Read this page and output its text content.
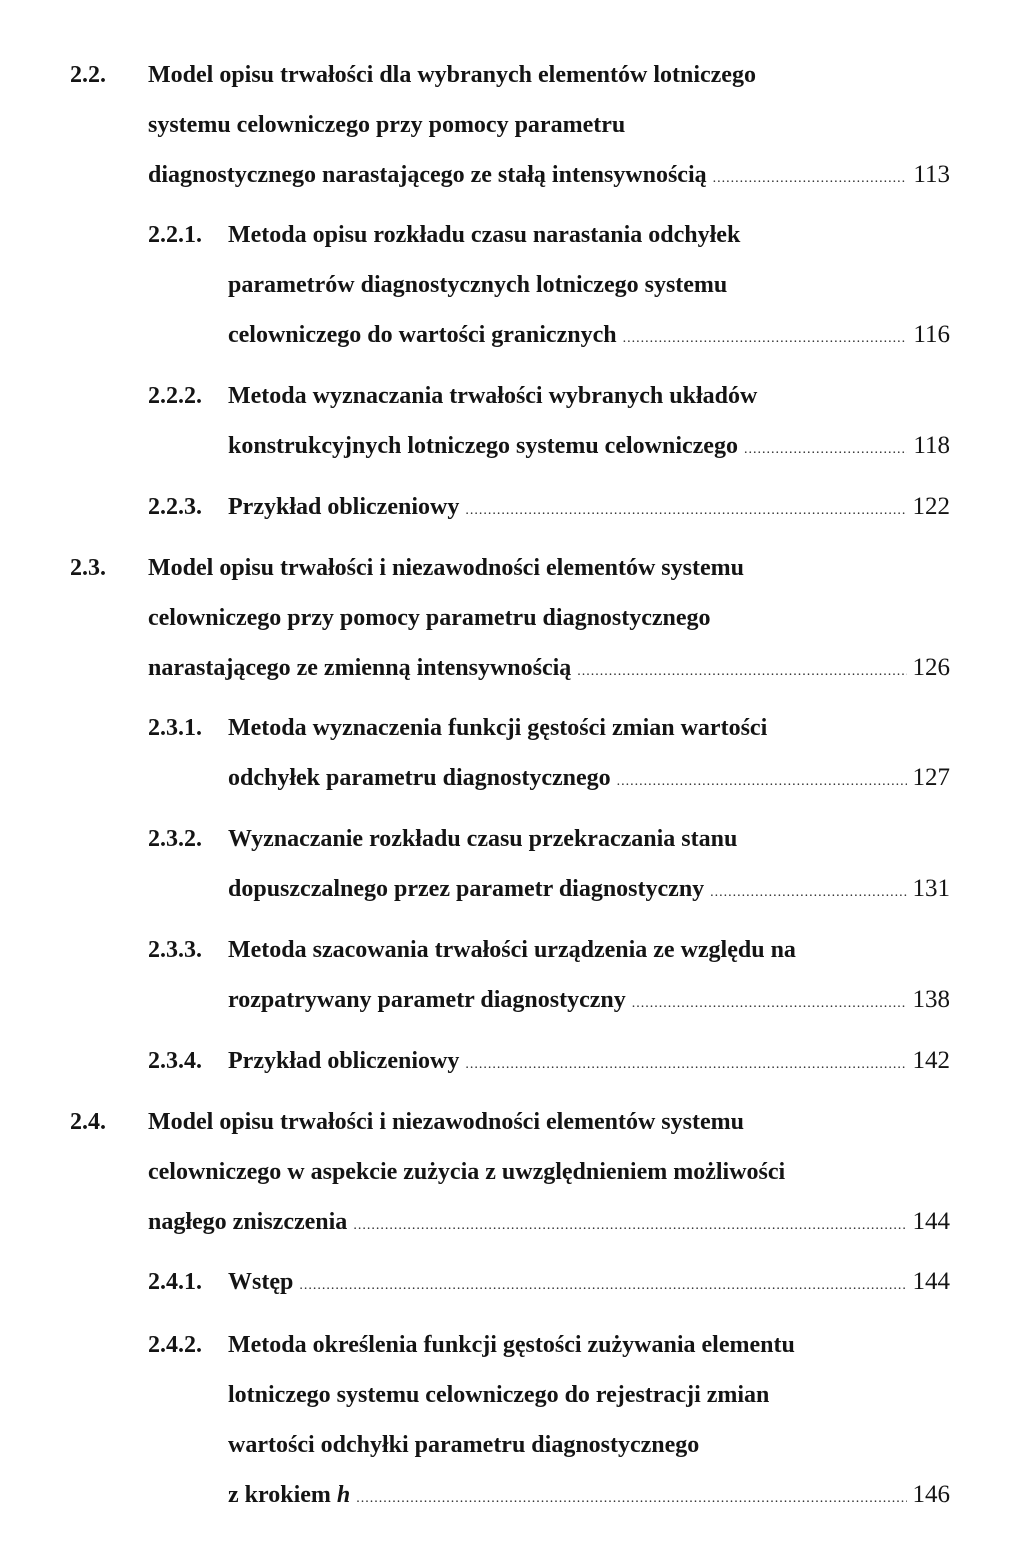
2.2. Model opisu trwałości dla wybranych elementów lotniczego
systemu celowniczego przy pomocy parametru
diagnostycznego narastającego ze stałą intensywnością .....	113
2.2.1. Metoda opisu rozkładu czasu narastania odchyłek
parametrów diagnostycznych lotniczego systemu
celowniczego do wartości granicznych .....	116
2.2.2. Metoda wyznaczania trwałości wybranych układów
konstrukcyjnych lotniczego systemu celowniczego .....	118
2.2.3. Przykład obliczeniowy .....	122
2.3. Model opisu trwałości i niezawodności elementów systemu
celowniczego przy pomocy parametru diagnostycznego
narastającego ze zmienną intensywnością .....	126
2.3.1. Metoda wyznaczenia funkcji gęstości zmian wartości
odchyłek parametru diagnostycznego .....	127
2.3.2. Wyznaczanie rozkładu czasu przekraczania stanu
dopuszczalnego przez parametr diagnostyczny .....	131
2.3.3. Metoda szacowania trwałości urządzenia ze względu na
rozpatrywany parametr diagnostyczny .....	138
2.3.4. Przykład obliczeniowy .....	142
2.4. Model opisu trwałości i niezawodności elementów systemu
celowniczego w aspekcie zużycia z uwzględnieniem możliwości
nagłego zniszczenia .....	144
2.4.1. Wstęp .....	144
2.4.2. Metoda określenia funkcji gęstości zużywania elementu
lotniczego systemu celowniczego do rejestracji zmian
wartości odchyłki parametru diagnostycznego
z krokiem h .....	146
